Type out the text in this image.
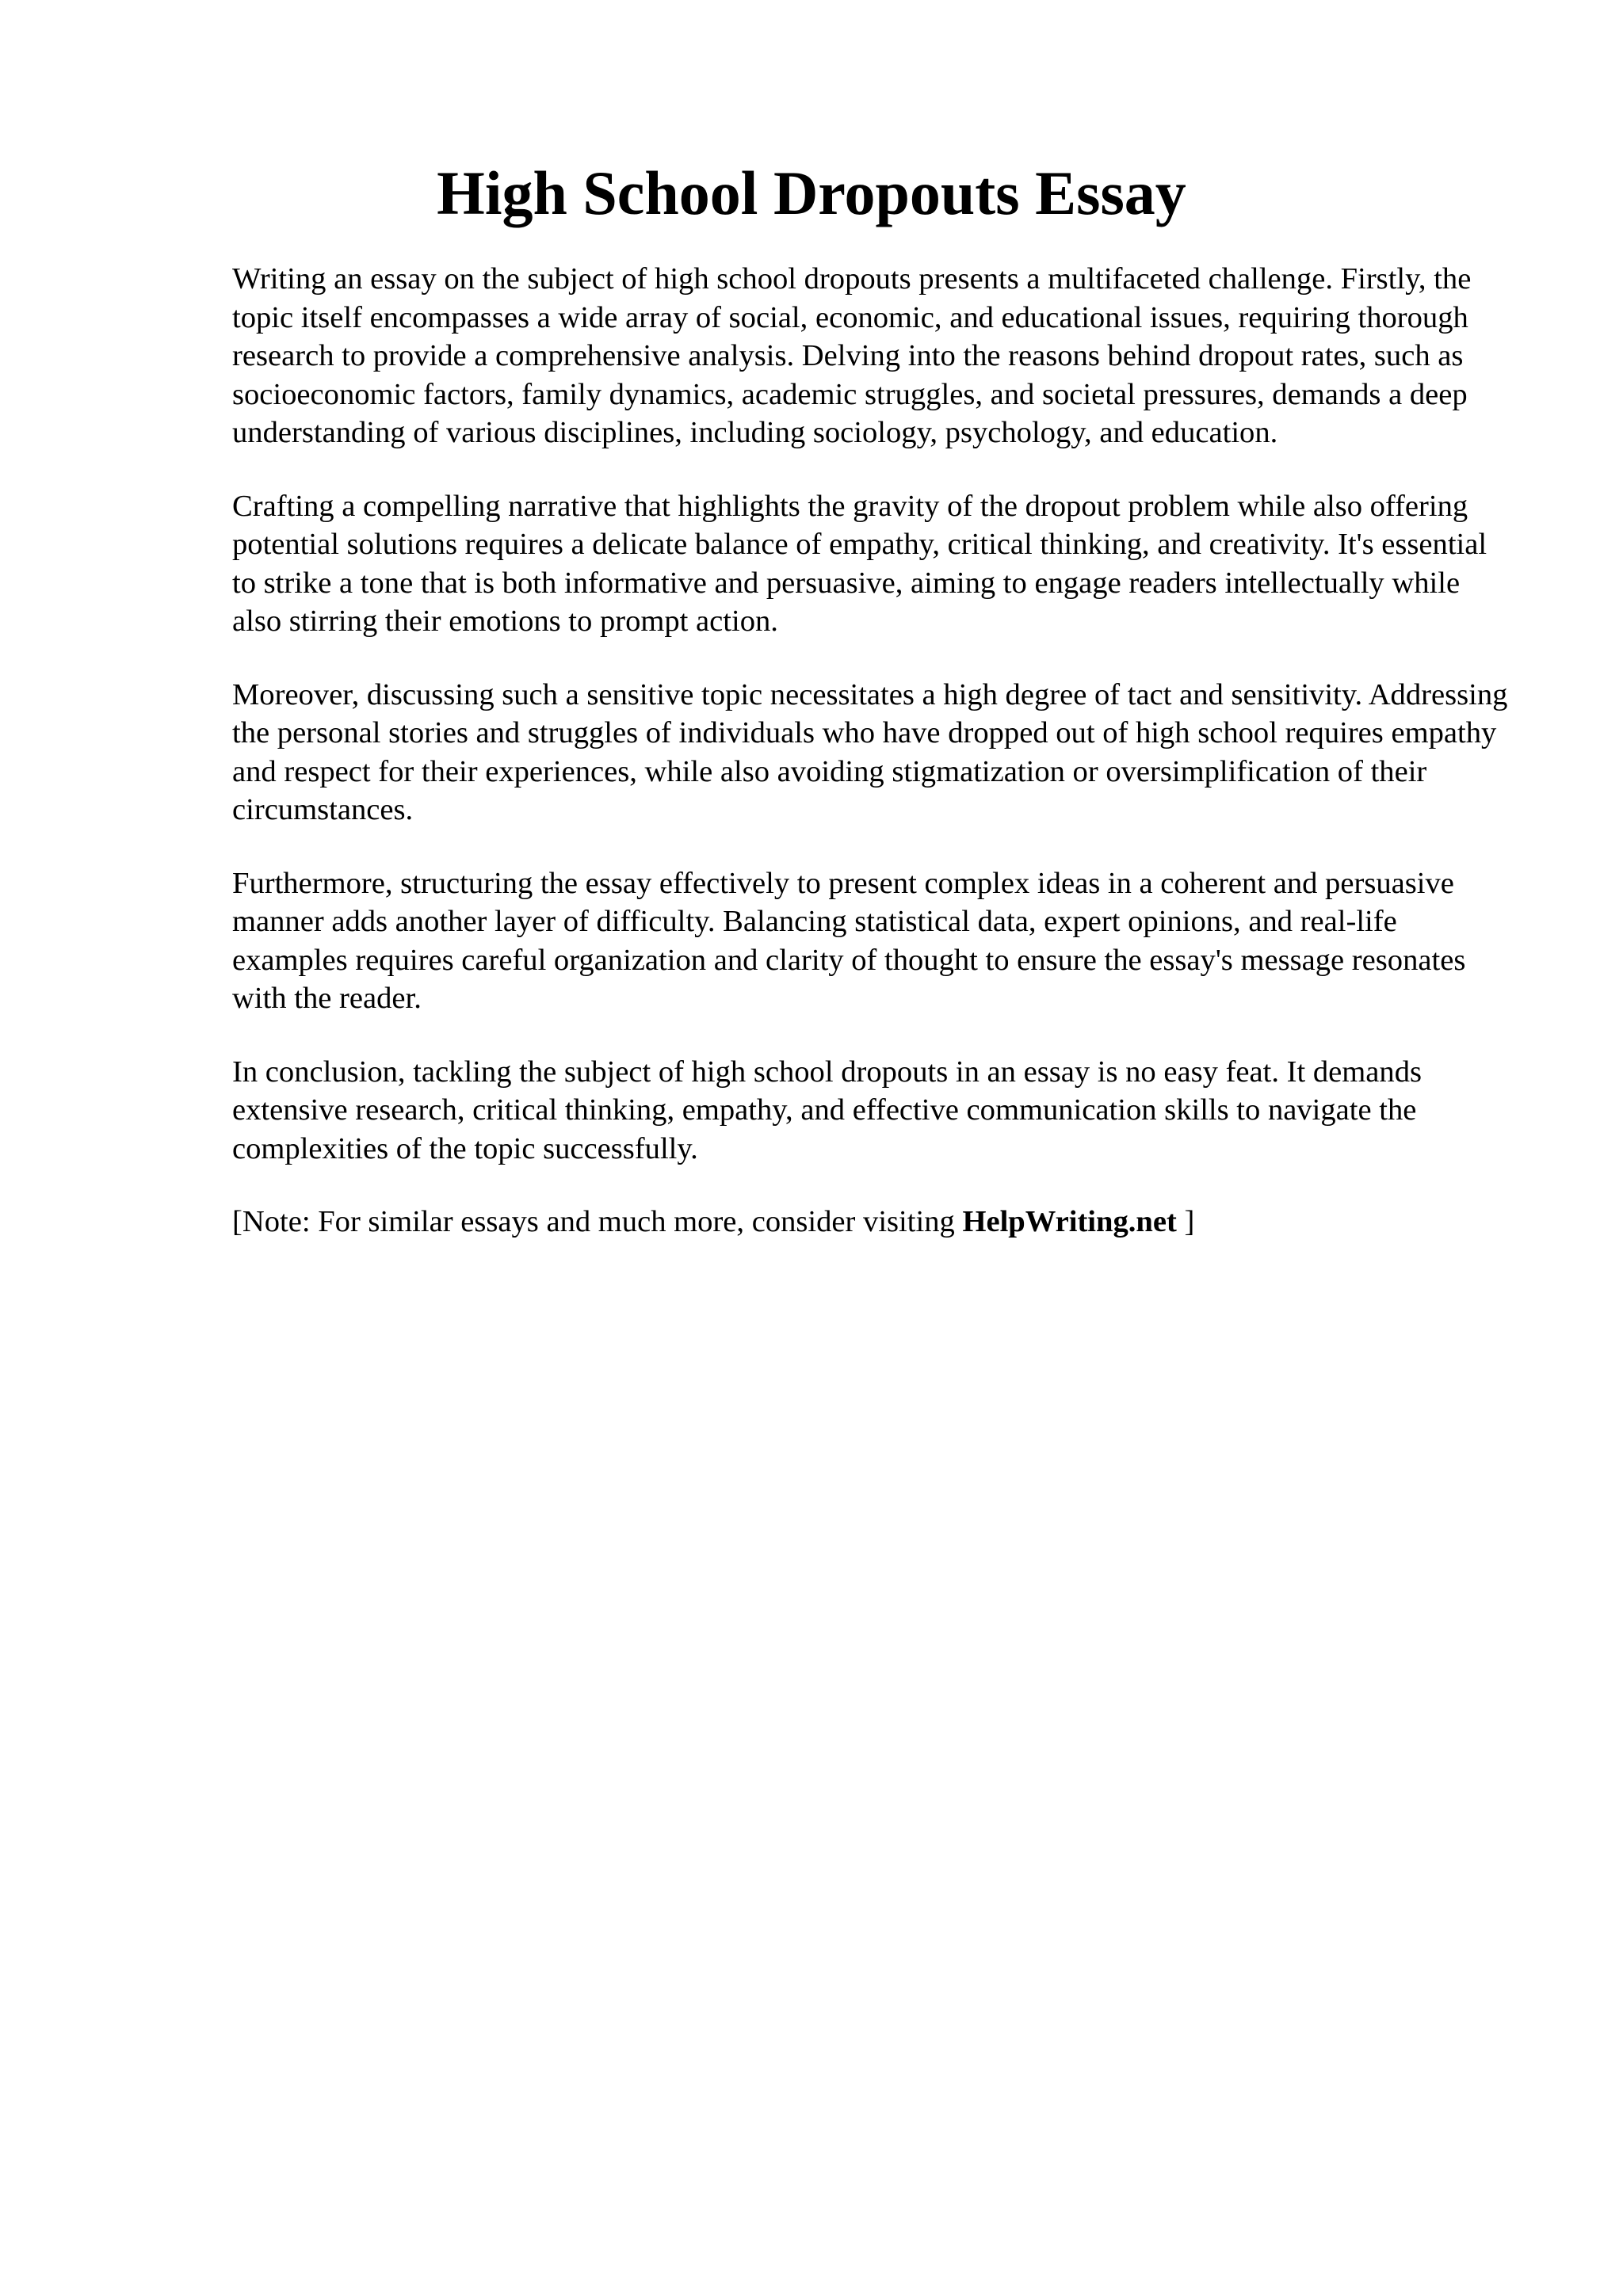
High School Dropouts Essay

Writing an essay on the subject of high school dropouts presents a multifaceted challenge. Firstly, the topic itself encompasses a wide array of social, economic, and educational issues, requiring thorough research to provide a comprehensive analysis. Delving into the reasons behind dropout rates, such as socioeconomic factors, family dynamics, academic struggles, and societal pressures, demands a deep understanding of various disciplines, including sociology, psychology, and education.

Crafting a compelling narrative that highlights the gravity of the dropout problem while also offering potential solutions requires a delicate balance of empathy, critical thinking, and creativity. It's essential to strike a tone that is both informative and persuasive, aiming to engage readers intellectually while also stirring their emotions to prompt action.

Moreover, discussing such a sensitive topic necessitates a high degree of tact and sensitivity. Addressing the personal stories and struggles of individuals who have dropped out of high school requires empathy and respect for their experiences, while also avoiding stigmatization or oversimplification of their circumstances.

Furthermore, structuring the essay effectively to present complex ideas in a coherent and persuasive manner adds another layer of difficulty. Balancing statistical data, expert opinions, and real-life examples requires careful organization and clarity of thought to ensure the essay's message resonates with the reader.

In conclusion, tackling the subject of high school dropouts in an essay is no easy feat. It demands extensive research, critical thinking, empathy, and effective communication skills to navigate the complexities of the topic successfully.

[Note: For similar essays and much more, consider visiting HelpWriting.net ]
